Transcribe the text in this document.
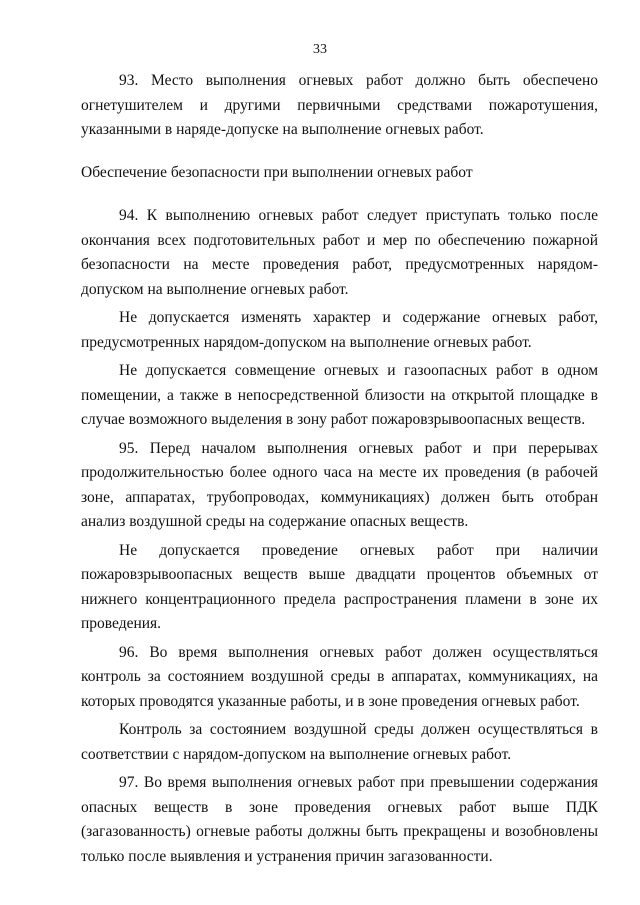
33

93. Место выполнения огневых работ должно быть обеспечено огнетушителем и другими первичными средствами пожаротушения, указанными в наряде-допуске на выполнение огневых работ.

Обеспечение безопасности при выполнении огневых работ

94. К выполнению огневых работ следует приступать только после окончания всех подготовительных работ и мер по обеспечению пожарной безопасности на месте проведения работ, предусмотренных нарядом-допуском на выполнение огневых работ.

Не допускается изменять характер и содержание огневых работ, предусмотренных нарядом-допуском на выполнение огневых работ.

Не допускается совмещение огневых и газоопасных работ в одном помещении, а также в непосредственной близости на открытой площадке в случае возможного выделения в зону работ пожаровзрывоопасных веществ.

95. Перед началом выполнения огневых работ и при перерывах продолжительностью более одного часа на месте их проведения (в рабочей зоне, аппаратах, трубопроводах, коммуникациях) должен быть отобран анализ воздушной среды на содержание опасных веществ.

Не допускается проведение огневых работ при наличии пожаровзрывоопасных веществ выше двадцати процентов объемных от нижнего концентрационного предела распространения пламени в зоне их проведения.

96. Во время выполнения огневых работ должен осуществляться контроль за состоянием воздушной среды в аппаратах, коммуникациях, на которых проводятся указанные работы, и в зоне проведения огневых работ.

Контроль за состоянием воздушной среды должен осуществляться в соответствии с нарядом-допуском на выполнение огневых работ.

97. Во время выполнения огневых работ при превышении содержания опасных веществ в зоне проведения огневых работ выше ПДК (загазованность) огневые работы должны быть прекращены и возобновлены только после выявления и устранения причин загазованности.
